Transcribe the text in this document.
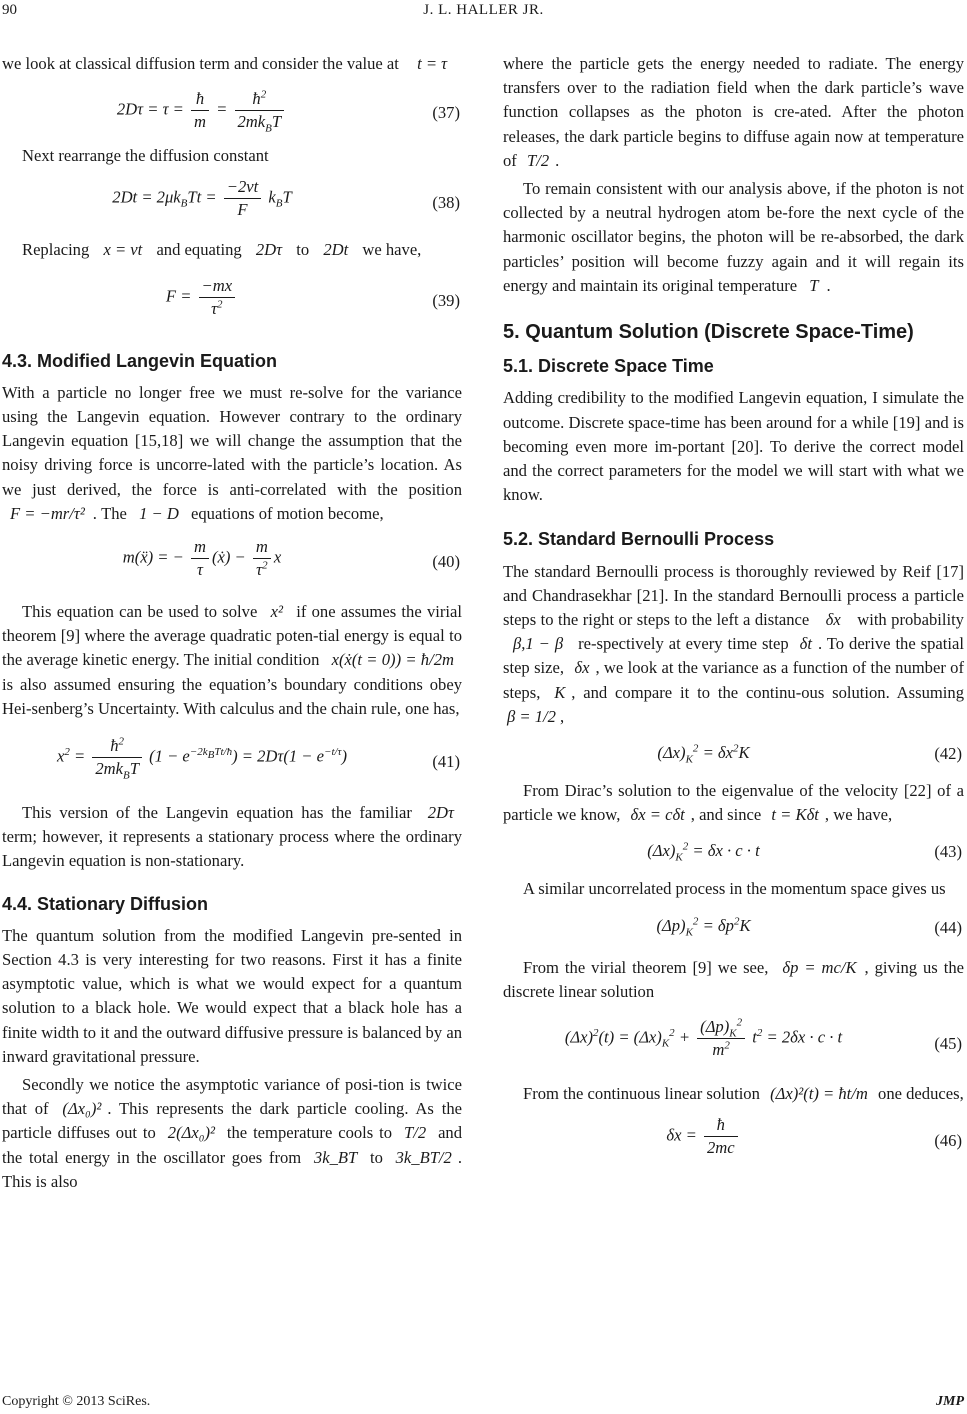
90	J. L. HALLER JR.

we look at classical diffusion term and consider the value at t = τ

$2D\tau = \tau = \frac{ħ}{m} = \frac{ħ^2}{2mk_BT}$	(37)

Next rearrange the diffusion constant

$2Dt = 2\mu k_BTt = \frac{-2vt}{F} k_BT$	(38)

Replacing x = vt and equating 2Dτ to 2Dt we have,

$F = \frac{-mx}{\tau^2}$	(39)

4.3. Modified Langevin Equation

With a particle no longer free we must re-solve for the variance using the Langevin equation. However contrary to the ordinary Langevin equation [15,18] we will change the assumption that the noisy driving force is uncorre-lated with the particle’s location. As we just derived, the force is anti-correlated with the position F = −mr/τ² . The 1 − D equations of motion become,

m(ẍ) = − $\frac{m}{\tau}$ (ẋ) − $\frac{m}{\tau^2}$ x	(40)

This equation can be used to solve x² if one assumes the virial theorem [9] where the average quadratic poten-tial energy is equal to the average kinetic energy. The initial condition x(ẋ(t = 0)) = ħ/2m is also assumed ensuring the equation’s boundary conditions obey Hei-senberg’s Uncertainty. With calculus and the chain rule, one has,

$x^2 = \frac{ħ^2}{2mk_BT} (1 - e^{-2k_BTt/ħ}) = 2D\tau(1 - e^{-t/\tau})$	(41)

This version of the Langevin equation has the familiar 2Dτ term; however, it represents a stationary process where the ordinary Langevin equation is non-stationary.

4.4. Stationary Diffusion

The quantum solution from the modified Langevin pre-sented in Section 4.3 is very interesting for two reasons. First it has a finite asymptotic value, which is what we would expect for a quantum solution to a black hole. We would expect that a black hole has a finite width to it and the outward diffusive pressure is balanced by an inward gravitational pressure.

Secondly we notice the asymptotic variance of posi-tion is twice that of (Δx₀)² . This represents the dark particle cooling. As the particle diffuses out to 2(Δx₀)² the temperature cools to T/2 and the total energy in the oscillator goes from 3k_BT to 3k_BT/2 . This is also

where the particle gets the energy needed to radiate. The energy transfers over to the radiation field when the dark particle’s wave function collapses as the photon is cre-ated. After the photon releases, the dark particle begins to diffuse again now at temperature of T/2 .

To remain consistent with our analysis above, if the photon is not collected by a neutral hydrogen atom be-fore the next cycle of the harmonic oscillator begins, the photon will be re-absorbed, the dark particles’ position will become fuzzy again and it will regain its energy and maintain its original temperature T .

5. Quantum Solution (Discrete Space-Time)

5.1. Discrete Space Time

Adding credibility to the modified Langevin equation, I simulate the outcome. Discrete space-time has been around for a while [19] and is becoming even more im-portant [20]. To derive the correct model and the correct parameters for the model we will start with what we know.

5.2. Standard Bernoulli Process

The standard Bernoulli process is thoroughly reviewed by Reif [17] and Chandrasekhar [21]. In the standard Bernoulli process a particle steps to the right or steps to the left a distance δx with probability β,1 − β re-spectively at every time step δt . To derive the spatial step size, δx , we look at the variance as a function of the number of steps, K , and compare it to the continu-ous solution. Assuming β = 1/2 ,

$(\Delta x)_K^2 = \delta x^2K$	(42)

From Dirac’s solution to the eigenvalue of the velocity [22] of a particle we know, δx = cδt , and since t = Kδt , we have,

$(\Delta x)_K^2 = \delta x \cdot c \cdot t$	(43)

A similar uncorrelated process in the momentum space gives us

$(\Delta p)_K^2 = \delta p^2K$	(44)

From the virial theorem [9] we see, δp = mc/K , giving us the discrete linear solution

$(\Delta x)^2(t) = (\Delta x)_K^2 + \frac{(\Delta p)_K^2}{m^2} t^2 = 2\delta x \cdot c \cdot t$	(45)

From the continuous linear solution (Δx)²(t) = ħt/m one deduces,

$\delta x = \frac{ħ}{2mc}$	(46)
Copyright © 2013 SciRes.	JMP
